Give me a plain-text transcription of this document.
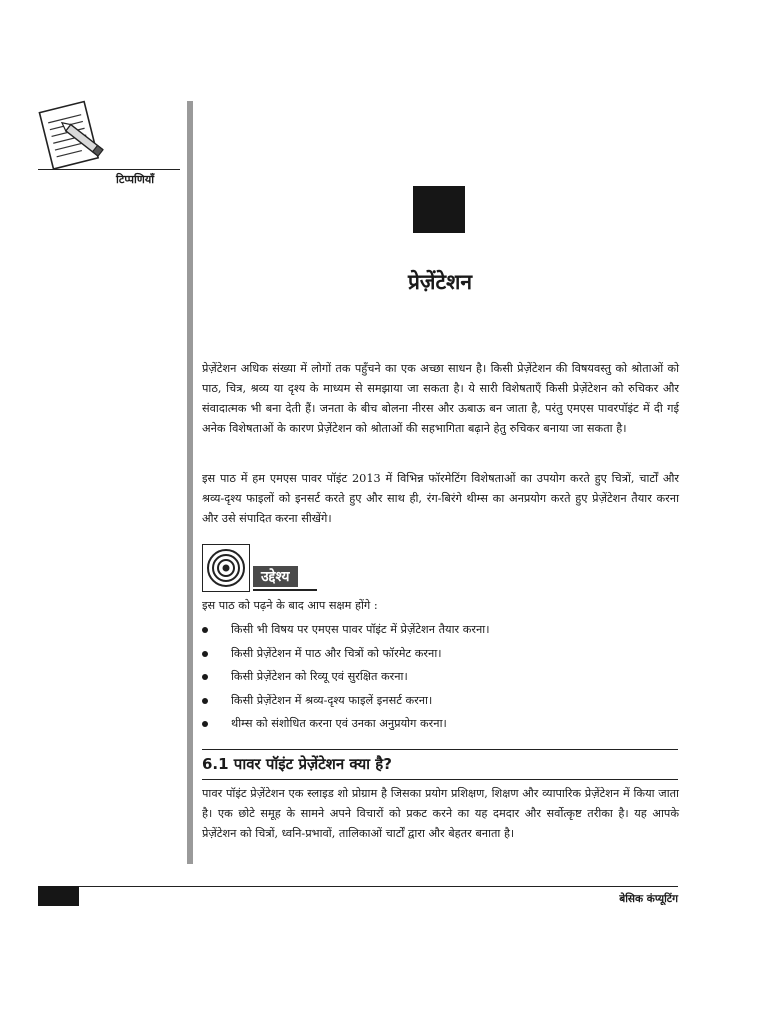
टिप्पणियाँ
प्रेज़ेंटेशन
प्रेज़ेंटेशन अधिक संख्या में लोगों तक पहुँचने का एक अच्छा साधन है। किसी प्रेज़ेंटेशन की विषयवस्तु को श्रोताओं को पाठ, चित्र, श्रव्य या दृश्य के माध्यम से समझाया जा सकता है। ये सारी विशेषताएँ किसी प्रेज़ेंटेशन को रुचिकर और संवादात्मक भी बना देती हैं। जनता के बीच बोलना नीरस और ऊबाऊ बन जाता है, परंतु एमएस पावरपॉइंट में दी गई अनेक विशेषताओं के कारण प्रेज़ेंटेशन को श्रोताओं की सहभागिता बढ़ाने हेतु रुचिकर बनाया जा सकता है।
इस पाठ में हम एमएस पावर पॉइंट 2013 में विभिन्न फॉरमेटिंग विशेषताओं का उपयोग करते हुए चित्रों, चार्टों और श्रव्य-दृश्य फाइलों को इनसर्ट करते हुए और साथ ही, रंग-बिरंगे थीम्स का अनप्रयोग करते हुए प्रेज़ेंटेशन तैयार करना और उसे संपादित करना सीखेंगे।
उद्देश्य
इस पाठ को पढ़ने के बाद आप सक्षम होंगे :
किसी भी विषय पर एमएस पावर पॉइंट में प्रेज़ेंटेशन तैयार करना।
किसी प्रेज़ेंटेशन में पाठ और चित्रों को फॉरमेट करना।
किसी प्रेज़ेंटेशन को रिव्यू एवं सुरक्षित करना।
किसी प्रेज़ेंटेशन में श्रव्य-दृश्य फाइलें इनसर्ट करना।
थीम्स को संशोधित करना एवं उनका अनुप्रयोग करना।
6.1 पावर पॉइंट प्रेज़ेंटेशन क्या है?
पावर पॉइंट प्रेज़ेंटेशन एक स्लाइड शो प्रोग्राम है जिसका प्रयोग प्रशिक्षण, शिक्षण और व्यापारिक प्रेज़ेंटेशन में किया जाता है। एक छोटे समूह के सामने अपने विचारों को प्रकट करने का यह दमदार और सर्वोत्कृष्ट तरीका है। यह आपके प्रेज़ेंटेशन को चित्रों, ध्वनि-प्रभावों, तालिकाओं चार्टों द्वारा और बेहतर बनाता है।
बेसिक कंप्यूटिंग
